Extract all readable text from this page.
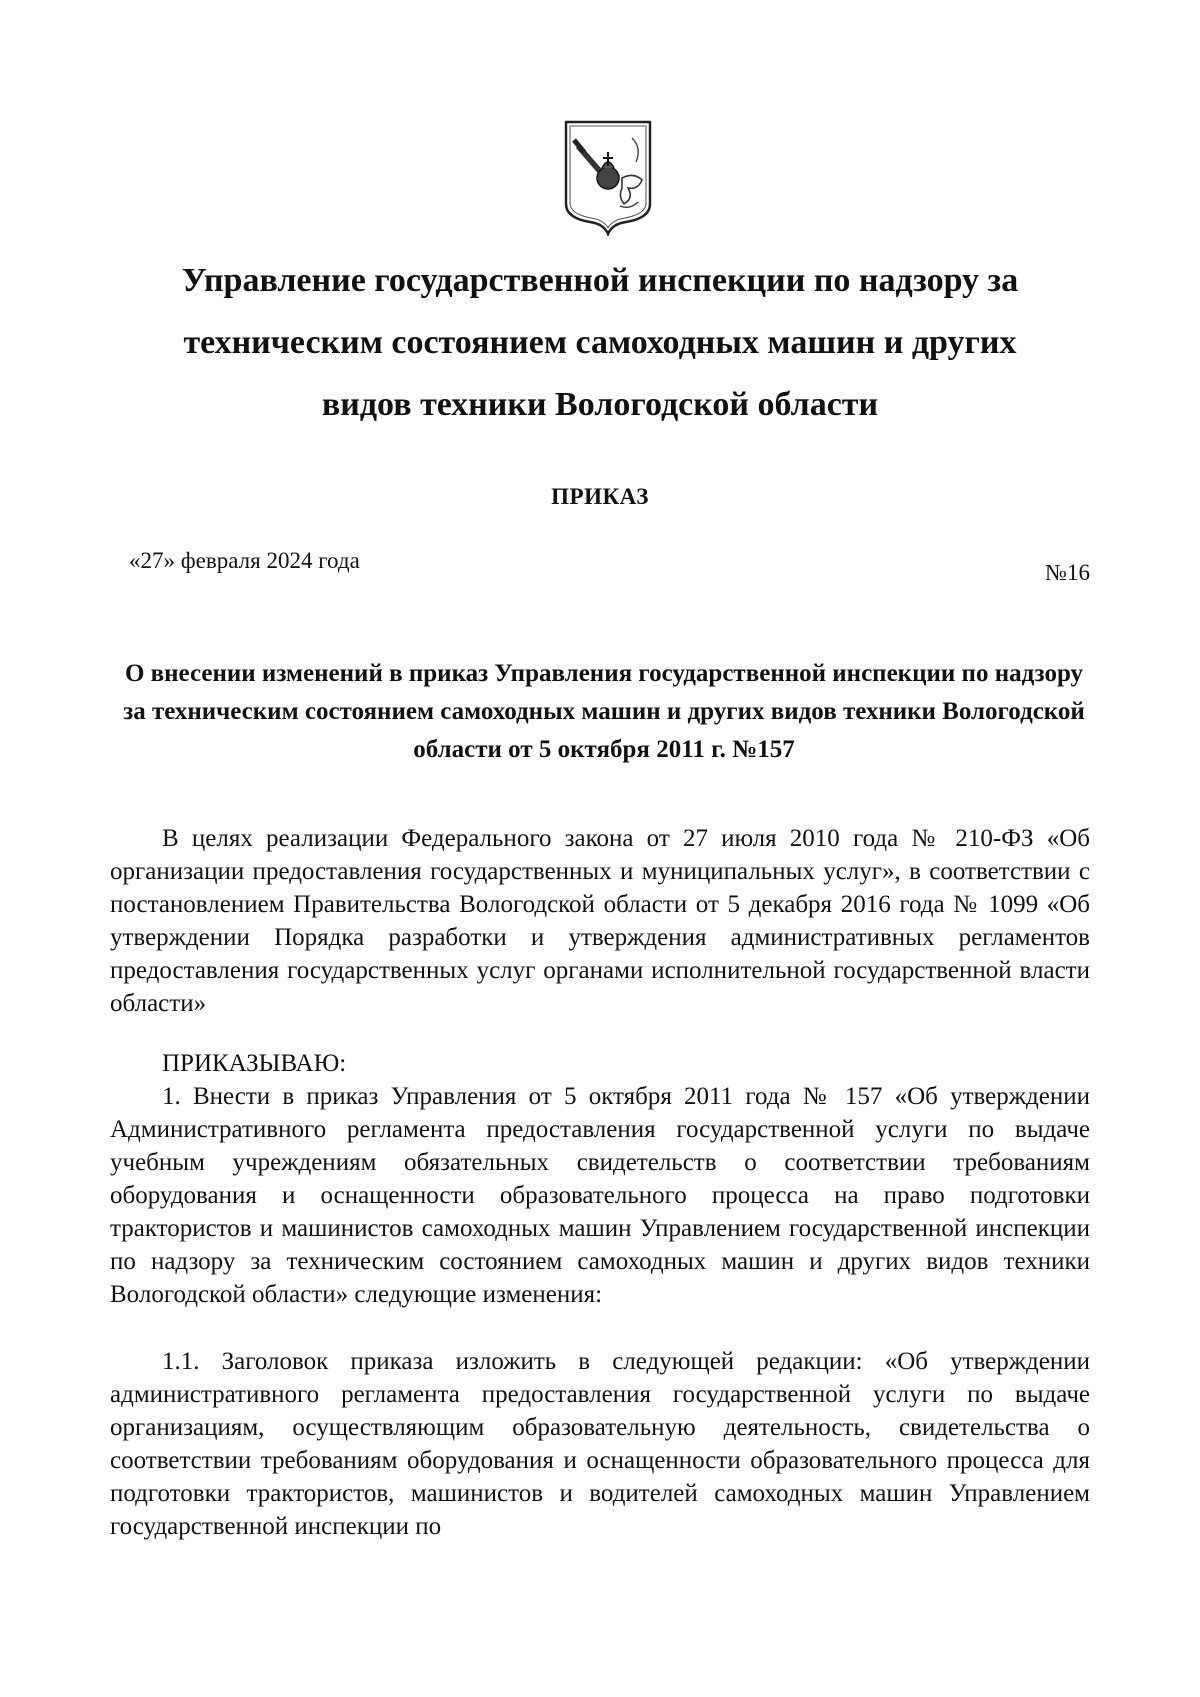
Управление государственной инспекции по надзору за техническим состоянием самоходных машин и других видов техники Вологодской области
ПРИКАЗ
«27» февраля 2024 года	№16
О внесении изменений в приказ Управления государственной инспекции по надзору за техническим состоянием самоходных машин и других видов техники Вологодской области от 5 октября 2011 г. №157

В целях реализации Федерального закона от 27 июля 2010 года № 210-ФЗ «Об организации предоставления государственных и муниципальных услуг», в соответствии с постановлением Правительства Вологодской области от 5 декабря 2016 года № 1099 «Об утверждении Порядка разработки и утверждения административных регламентов предоставления государственных услуг органами исполнительной государственной власти области»

ПРИКАЗЫВАЮ:

1. Внести в приказ Управления от 5 октября 2011 года № 157 «Об утверждении Административного регламента предоставления государственной услуги по выдаче учебным учреждениям обязательных свидетельств о соответствии требованиям оборудования и оснащенности образовательного процесса на право подготовки трактористов и машинистов самоходных машин Управлением государственной инспекции по надзору за техническим состоянием самоходных машин и других видов техники Вологодской области» следующие изменения:

1.1. Заголовок приказа изложить в следующей редакции: «Об утверждении административного регламента предоставления государственной услуги по выдаче организациям, осуществляющим образовательную деятельность, свидетельства о соответствии требованиям оборудования и оснащенности образовательного процесса для подготовки трактористов, машинистов и водителей самоходных машин Управлением государственной инспекции по
